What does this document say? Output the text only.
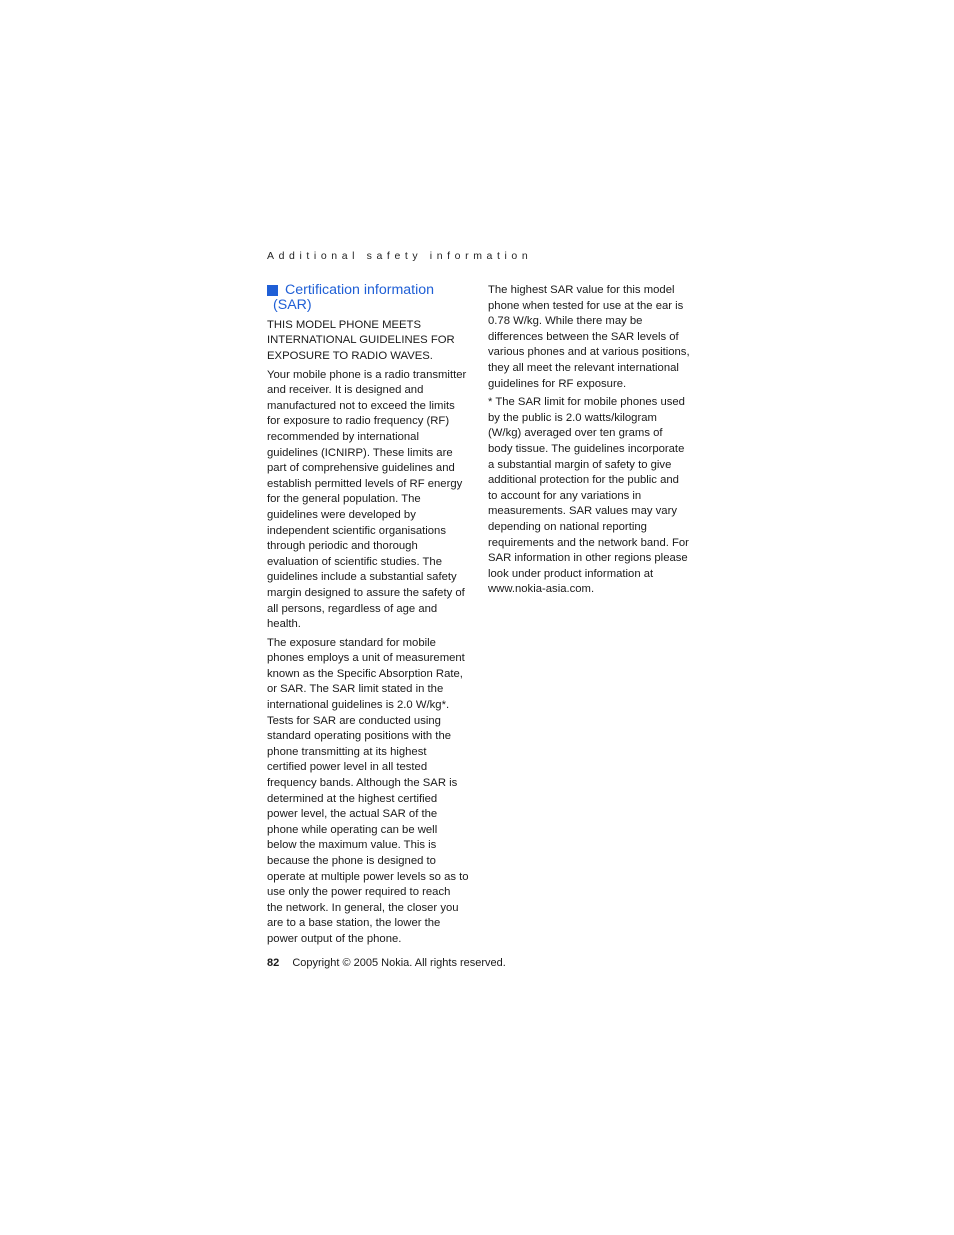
Additional safety information
Certification information (SAR)

THIS MODEL PHONE MEETS INTERNATIONAL GUIDELINES FOR EXPOSURE TO RADIO WAVES.

Your mobile phone is a radio transmitter and receiver. It is designed and manufactured not to exceed the limits for exposure to radio frequency (RF) recommended by international guidelines (ICNIRP). These limits are part of comprehensive guidelines and establish permitted levels of RF energy for the general population. The guidelines were developed by independent scientific organisations through periodic and thorough evaluation of scientific studies. The guidelines include a substantial safety margin designed to assure the safety of all persons, regardless of age and health.

The exposure standard for mobile phones employs a unit of measurement known as the Specific Absorption Rate, or SAR. The SAR limit stated in the international guidelines is 2.0 W/kg*. Tests for SAR are conducted using standard operating positions with the phone transmitting at its highest certified power level in all tested frequency bands. Although the SAR is determined at the highest certified power level, the actual SAR of the phone while operating can be well below the maximum value. This is because the phone is designed to operate at multiple power levels so as to use only the power required to reach the network. In general, the closer you are to a base station, the lower the power output of the phone.

The highest SAR value for this model phone when tested for use at the ear is 0.78 W/kg. While there may be differences between the SAR levels of various phones and at various positions, they all meet the relevant international guidelines for RF exposure.

* The SAR limit for mobile phones used by the public is 2.0 watts/kilogram (W/kg) averaged over ten grams of body tissue. The guidelines incorporate a substantial margin of safety to give additional protection for the public and to account for any variations in measurements. SAR values may vary depending on national reporting requirements and the network band. For SAR information in other regions please look under product information at www.nokia-asia.com.

82 Copyright © 2005 Nokia. All rights reserved.
